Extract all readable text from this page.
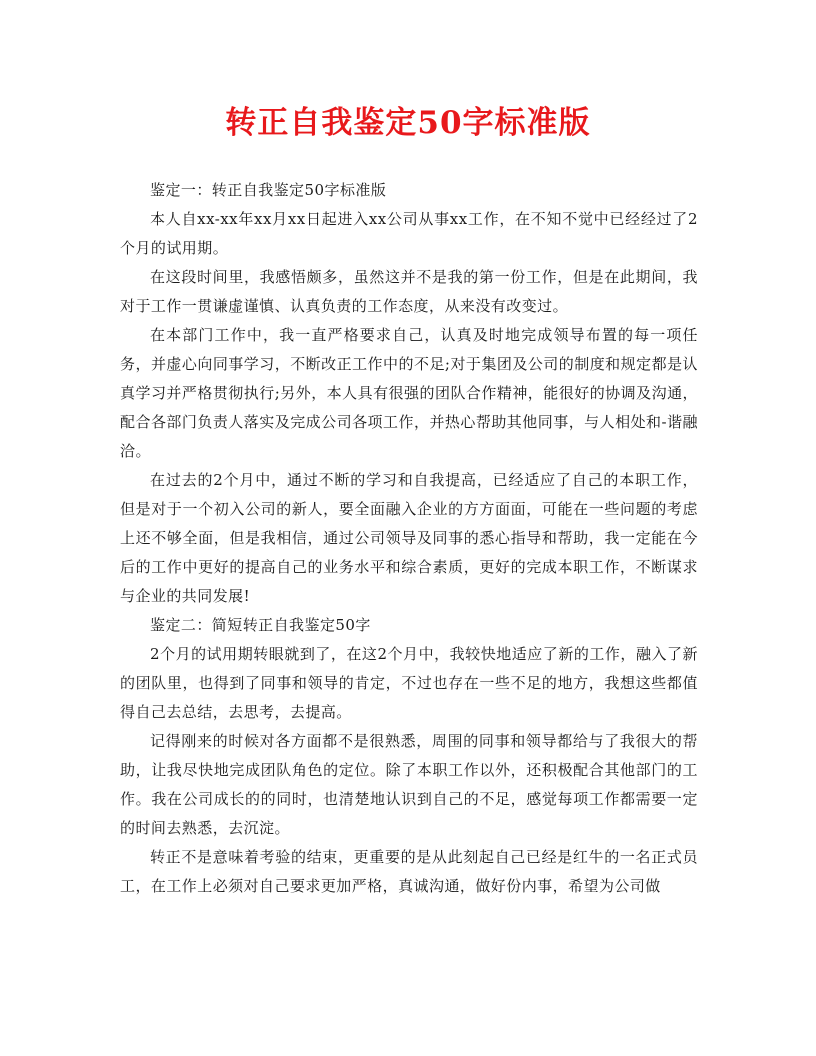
转正自我鉴定50字标准版

鉴定一：转正自我鉴定50字标准版

本人自xx-xx年xx月xx日起进入xx公司从事xx工作，在不知不觉中已经经过了2个月的试用期。

在这段时间里，我感悟颇多，虽然这并不是我的第一份工作，但是在此期间，我对于工作一贯谦虚谨慎、认真负责的工作态度，从来没有改变过。

在本部门工作中，我一直严格要求自己，认真及时地完成领导布置的每一项任务，并虚心向同事学习，不断改正工作中的不足;对于集团及公司的制度和规定都是认真学习并严格贯彻执行;另外，本人具有很强的团队合作精神，能很好的协调及沟通，配合各部门负责人落实及完成公司各项工作，并热心帮助其他同事，与人相处和-谐融洽。

在过去的2个月中，通过不断的学习和自我提高，已经适应了自己的本职工作，但是对于一个初入公司的新人，要全面融入企业的方方面面，可能在一些问题的考虑上还不够全面，但是我相信，通过公司领导及同事的悉心指导和帮助，我一定能在今后的工作中更好的提高自己的业务水平和综合素质，更好的完成本职工作，不断谋求与企业的共同发展!

鉴定二：简短转正自我鉴定50字

2个月的试用期转眼就到了，在这2个月中，我较快地适应了新的工作，融入了新的团队里，也得到了同事和领导的肯定，不过也存在一些不足的地方，我想这些都值得自己去总结，去思考，去提高。

记得刚来的时候对各方面都不是很熟悉，周围的同事和领导都给与了我很大的帮助，让我尽快地完成团队角色的定位。除了本职工作以外，还积极配合其他部门的工作。我在公司成长的的同时，也清楚地认识到自己的不足，感觉每项工作都需要一定的时间去熟悉，去沉淀。

转正不是意味着考验的结束，更重要的是从此刻起自己已经是红牛的一名正式员工，在工作上必须对自己要求更加严格，真诚沟通，做好份内事，希望为公司做
